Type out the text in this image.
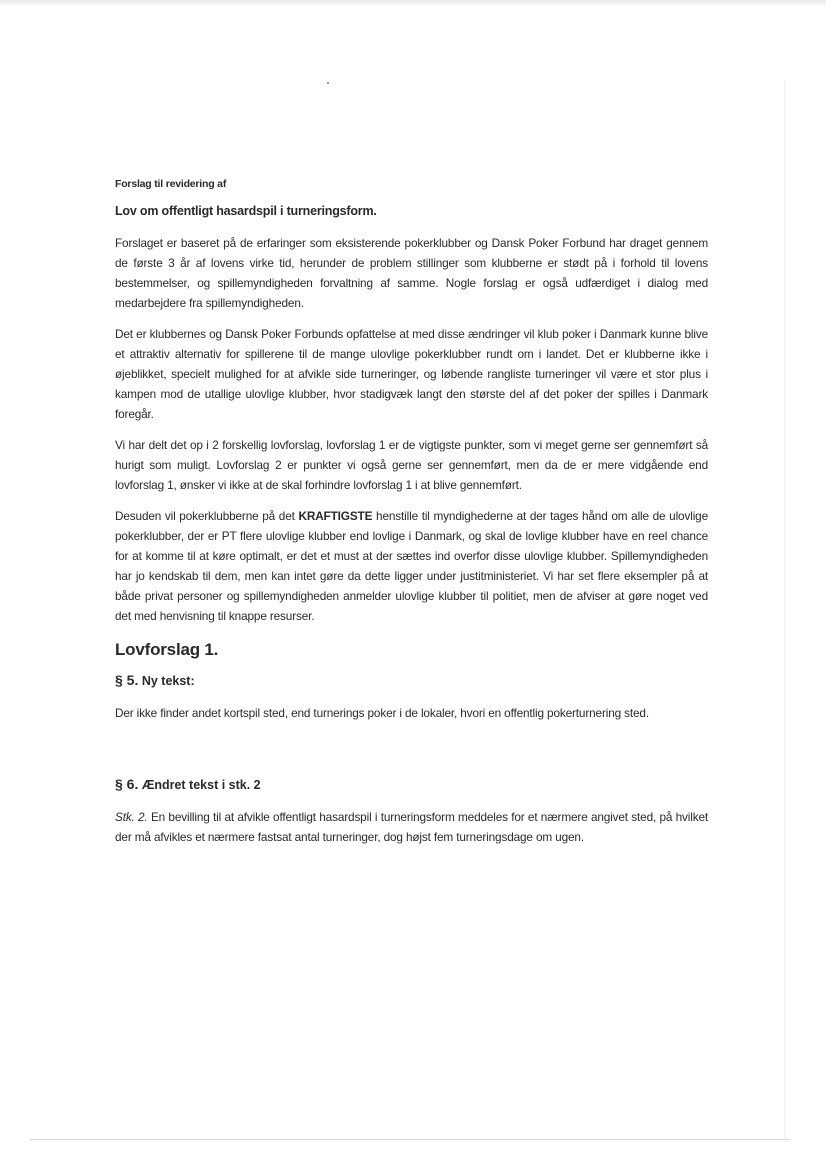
Forslag til revidering af
Lov om offentligt hasardspil i turneringsform.

Forslaget er baseret på de erfaringer som eksisterende pokerklubber og Dansk Poker Forbund har draget gennem de første 3 år af lovens virke tid, herunder de problem stillinger som klubberne er stødt på i forhold til lovens bestemmelser, og spillemyndigheden forvaltning af samme. Nogle forslag er også udfærdiget i dialog med medarbejdere fra spillemyndigheden.

Det er klubbernes og Dansk Poker Forbunds opfattelse at med disse ændringer vil klub poker i Danmark kunne blive et attraktiv alternativ for spillerene til de mange ulovlige pokerklubber rundt om i landet. Det er klubberne ikke i øjeblikket, specielt mulighed for at afvikle side turneringer, og løbende rangliste turneringer vil være et stor plus i kampen mod de utallige ulovlige klubber, hvor stadigvæk langt den største del af det poker der spilles i Danmark foregår.

Vi har delt det op i 2 forskellig lovforslag, lovforslag 1 er de vigtigste punkter, som vi meget gerne ser gennemført så hurigt som muligt. Lovforslag 2 er punkter vi også gerne ser gennemført, men da de er mere vidgående end lovforslag 1, ønsker vi ikke at de skal forhindre lovforslag 1 i at blive gennemført.

Desuden vil pokerklubberne på det KRAFTIGSTE henstille til myndighederne at der tages hånd om alle de ulovlige pokerklubber, der er PT flere ulovlige klubber end lovlige i Danmark, og skal de lovlige klubber have en reel chance for at komme til at køre optimalt, er det et must at der sættes ind overfor disse ulovlige klubber. Spillemyndigheden har jo kendskab til dem, men kan intet gøre da dette ligger under justitministeriet. Vi har set flere eksempler på at både privat personer og spillemyndigheden anmelder ulovlige klubber til politiet, men de afviser at gøre noget ved det med henvisning til knappe resurser.

Lovforslag 1.
§ 5. Ny tekst:

Der ikke finder andet kortspil sted, end turnerings poker i de lokaler, hvori en offentlig pokerturnering sted.

§ 6. Ændret tekst i stk. 2

Stk. 2. En bevilling til at afvikle offentligt hasardspil i turneringsform meddeles for et nærmere angivet sted, på hvilket der må afvikles et nærmere fastsat antal turneringer, dog højst fem turneringsdage om ugen.
